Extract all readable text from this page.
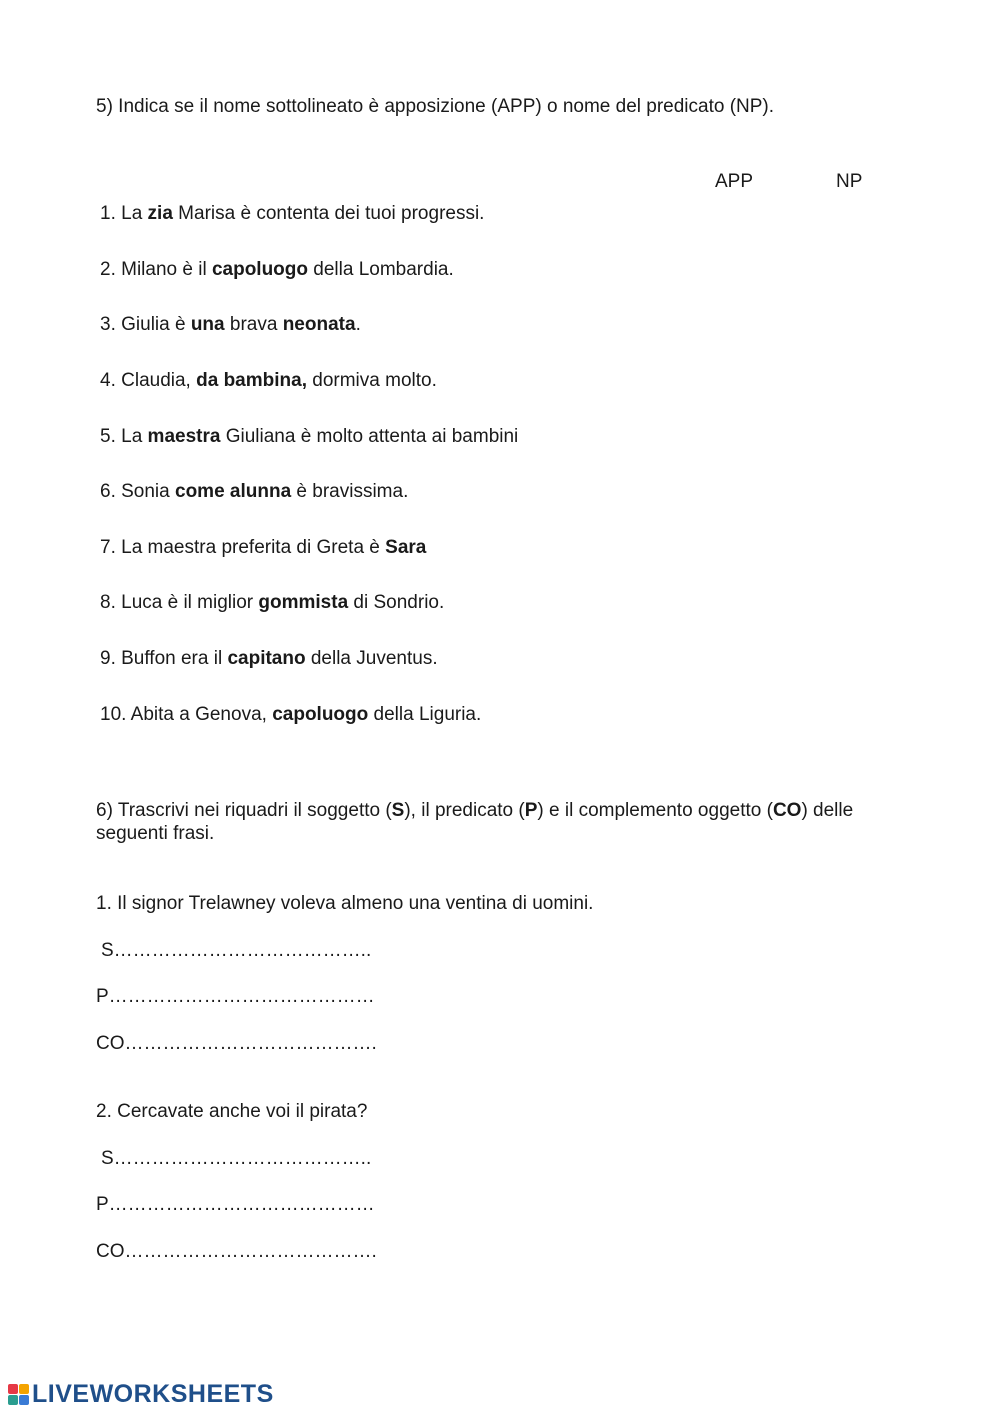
5) Indica se il nome sottolineato è apposizione (APP) o nome del predicato (NP).
APP	NP
1. La zia Marisa è contenta dei tuoi progressi.
2. Milano è il capoluogo della Lombardia.
3. Giulia è una brava neonata.
4. Claudia, da bambina, dormiva molto.
5. La maestra Giuliana è molto attenta ai bambini
6. Sonia come alunna è bravissima.
7. La maestra preferita di Greta è Sara
8. Luca è il miglior gommista di Sondrio.
9. Buffon era il capitano della Juventus.
10. Abita a Genova, capoluogo della Liguria.
6) Trascrivi nei riquadri il soggetto (S), il predicato (P) e il complemento oggetto (CO) delle
seguenti frasi.
1. Il signor Trelawney voleva almeno una ventina di uomini.
S…………………………………..
P……………………………………
CO………………………………….
2. Cercavate anche voi il pirata?
S…………………………………..
P……………………………………
CO………………………………….
LIVEWORKSHEETS
